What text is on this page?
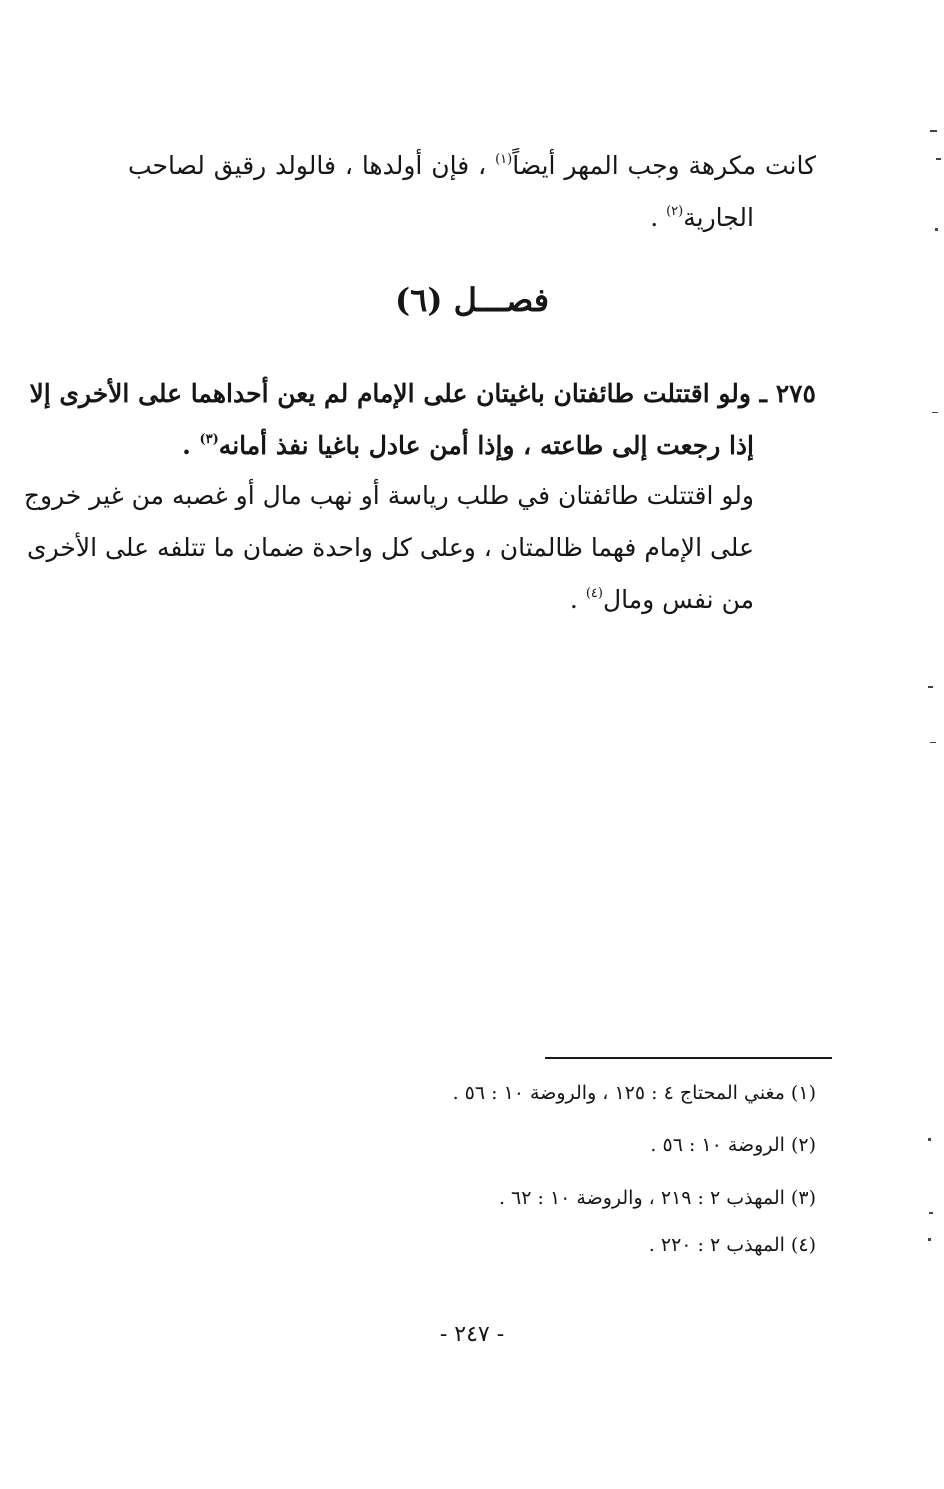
كانت مكرهة وجب المهر أيضاً$^{(١)}$ ، فإن أولدها ، فالولد رقيق لصاحب
الجارية$^{(٢)}$ .
فصـــل (٦)
٢٧٥ ـ ولو اقتتلت طائفتان باغيتان على الإمام لم يعن أحداهما على الأخرى إلا
إذا رجعت إلى طاعته ، وإذا أمن عادل باغيا نفذ أمانه$^{(٣)}$ .
ولو اقتتلت طائفتان في طلب رياسة أو نهب مال أو غصبه من غير خروج
على الإمام فهما ظالمتان ، وعلى كل واحدة ضمان ما تتلفه على الأخرى
من نفس ومال$^{(٤)}$ .
(١) مغني المحتاج ٤ : ١٢٥ ، والروضة ١٠ : ٥٦ .
(٢) الروضة ١٠ : ٥٦ .
(٣) المهذب ٢ : ٢١٩ ، والروضة ١٠ : ٦٢ .
(٤) المهذب ٢ : ٢٢٠ .
- ٢٤٧ -
